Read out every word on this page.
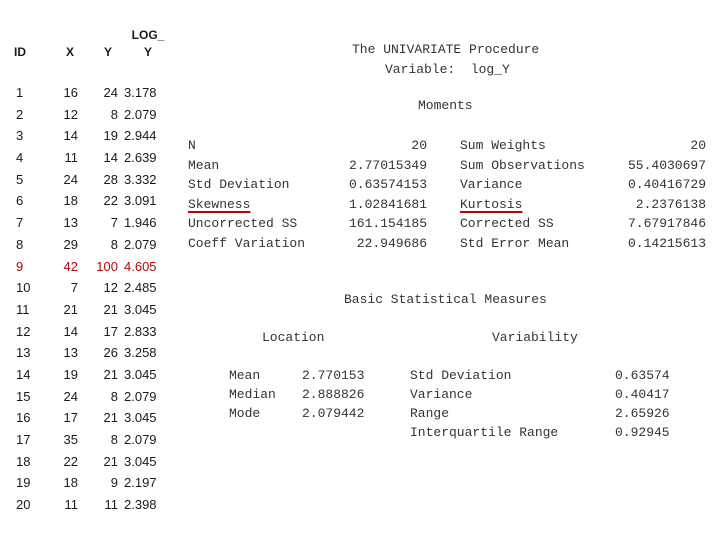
ID	X	Y
LOG_
Y
1	16	24 3.178
2	12	8 2.079
3	14	19 2.944
4	11	14 2.639
5	24	28 3.332
6	18	22 3.091
7	13	7 1.946
8	29	8 2.079
9	42	100 4.605
10	7	12 2.485
11	21	21 3.045
12	14	17 2.833
13	13	26 3.258
14	19	21 3.045
15	24	8 2.079
16	17	21 3.045
17	35	8 2.079
18	22	21 3.045
19	18	9 2.197
20	11	11 2.398
The UNIVARIATE Procedure
Variable:  log_Y
Moments
N	20	Sum Weights	20
Mean	2.77015349	Sum Observations	55.4030697
Std Deviation	0.63574153	Variance	0.40416729
Skewness	1.02841681	Kurtosis	2.2376138
Uncorrected SS	161.154185	Corrected SS	7.67917846
Coeff Variation	22.949686	Std Error Mean	0.14215613
Basic Statistical Measures
Location	Variability
Mean	2.770153
Median 2.888826
Mode	2.079442
Std Deviation	0.63574
Variance	0.40417
Range	2.65926
Interquartile Range	0.92945
